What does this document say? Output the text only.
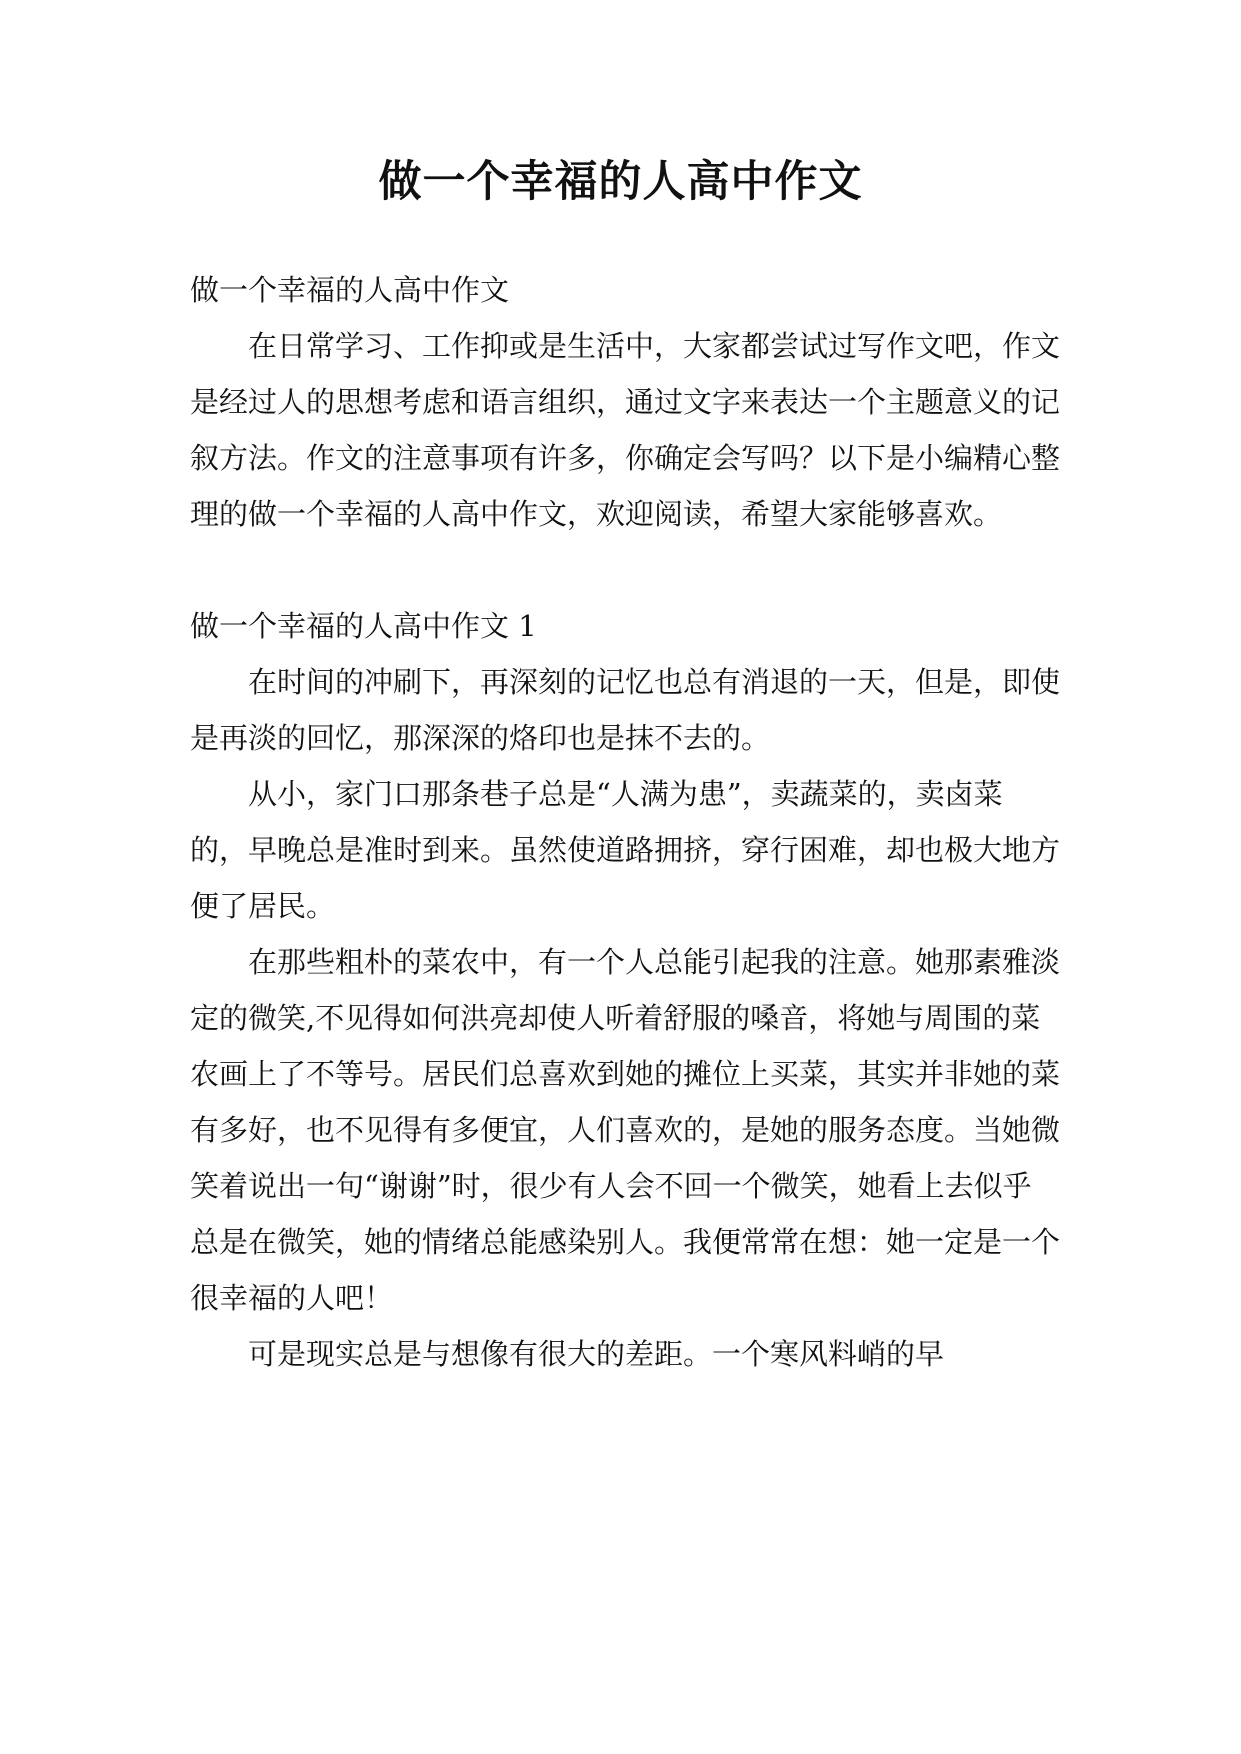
做一个幸福的人高中作文

做一个幸福的人高中作文

在日常学习、工作抑或是生活中，大家都尝试过写作文吧，作文是经过人的思想考虑和语言组织，通过文字来表达一个主题意义的记叙方法。作文的注意事项有许多，你确定会写吗？以下是小编精心整理的做一个幸福的人高中作文，欢迎阅读，希望大家能够喜欢。

做一个幸福的人高中作文 1

在时间的冲刷下，再深刻的记忆也总有消退的一天，但是，即使是再淡的回忆，那深深的烙印也是抹不去的。

从小，家门口那条巷子总是“人满为患”，卖蔬菜的，卖卤菜的，早晚总是准时到来。虽然使道路拥挤，穿行困难，却也极大地方便了居民。

在那些粗朴的菜农中，有一个人总能引起我的注意。她那素雅淡定的微笑,不见得如何洪亮却使人听着舒服的嗓音，将她与周围的菜农画上了不等号。居民们总喜欢到她的摊位上买菜，其实并非她的菜有多好，也不见得有多便宜，人们喜欢的，是她的服务态度。当她微笑着说出一句“谢谢”时，很少有人会不回一个微笑，她看上去似乎总是在微笑，她的情绪总能感染别人。我便常常在想：她一定是一个很幸福的人吧！

可是现实总是与想像有很大的差距。一个寒风料峭的早
